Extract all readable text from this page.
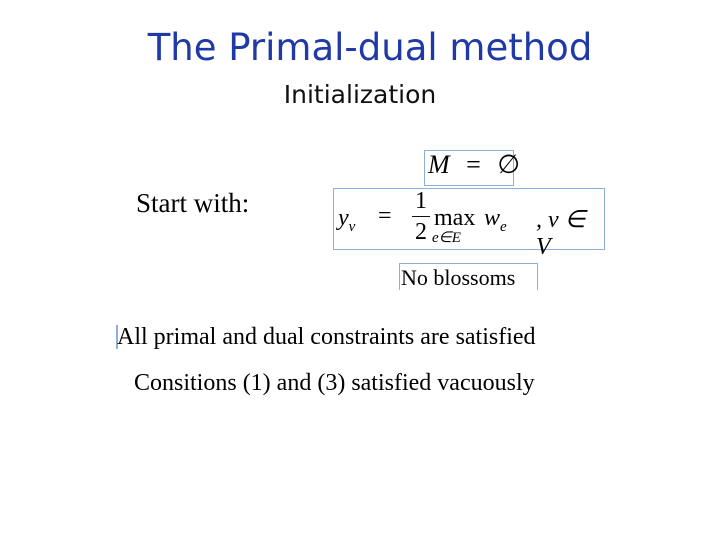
The Primal-dual method
Initialization
Start with:
M = ∅
$y_v$ =
1
2
max
e∈E
$w_e$ , v ∈ V
No blossoms
All primal and dual constraints are satisfied
Consitions (1) and (3) satisfied vacuously
